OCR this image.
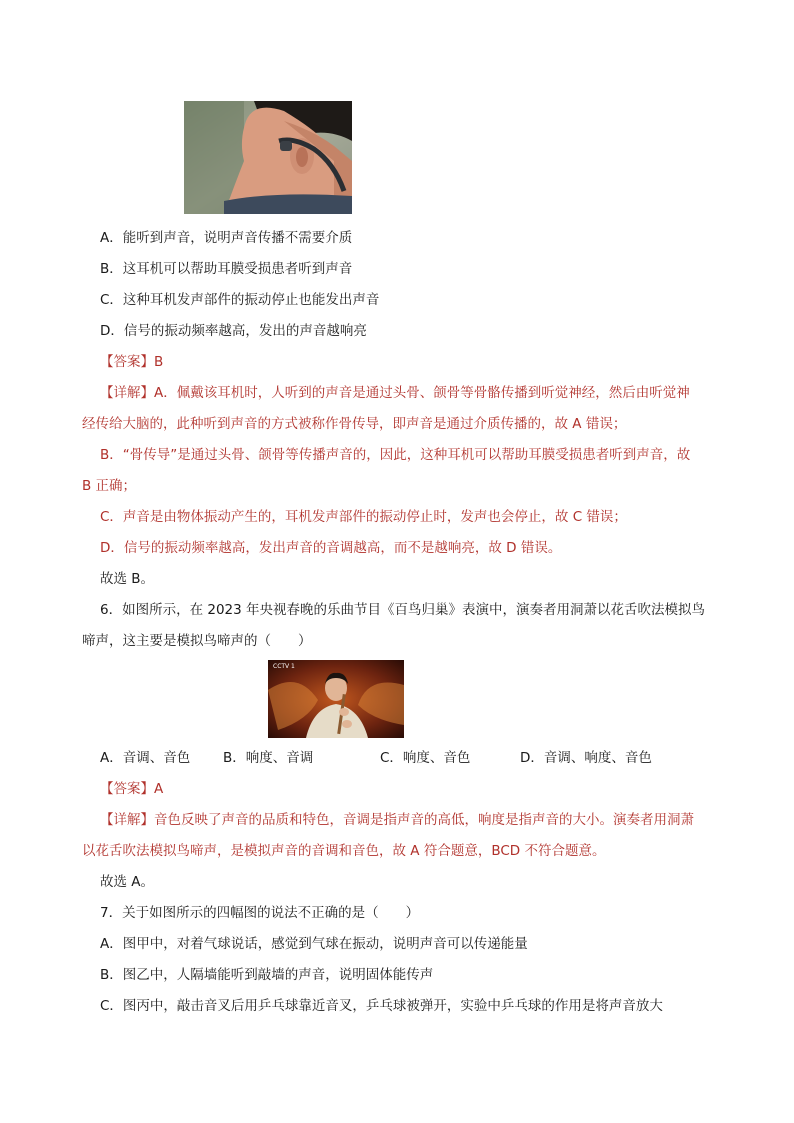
A．能听到声音，说明声音传播不需要介质
B．这耳机可以帮助耳膜受损患者听到声音
C．这种耳机发声部件的振动停止也能发出声音
D．信号的振动频率越高，发出的声音越响亮
【答案】B
【详解】A．佩戴该耳机时，人听到的声音是通过头骨、颌骨等骨骼传播到听觉神经，然后由听觉神
经传给大脑的，此种听到声音的方式被称作骨传导，即声音是通过介质传播的，故 A 错误；
B．“骨传导”是通过头骨、颌骨等传播声音的，因此，这种耳机可以帮助耳膜受损患者听到声音，故
B 正确；
C．声音是由物体振动产生的，耳机发声部件的振动停止时，发声也会停止，故 C 错误；
D．信号的振动频率越高，发出声音的音调越高，而不是越响亮，故 D 错误。
故选 B。
6．如图所示，在 2023 年央视春晚的乐曲节目《百鸟归巢》表演中，演奏者用洞萧以花舌吹法模拟鸟
啼声，这主要是模拟鸟啼声的（　　）
CCTV 1
A．音调、音色 B．响度、音调	C．响度、音色	D．音调、响度、音色
【答案】A
【详解】音色反映了声音的品质和特色，音调是指声音的高低，响度是指声音的大小。演奏者用洞萧
以花舌吹法模拟鸟啼声，是模拟声音的音调和音色，故 A 符合题意，BCD 不符合题意。
故选 A。
7．关于如图所示的四幅图的说法不正确的是（　　）
A．图甲中，对着气球说话，感觉到气球在振动，说明声音可以传递能量
B．图乙中，人隔墙能听到敲墙的声音，说明固体能传声
C．图丙中，敲击音叉后用乒乓球靠近音叉，乒乓球被弹开，实验中乒乓球的作用是将声音放大
